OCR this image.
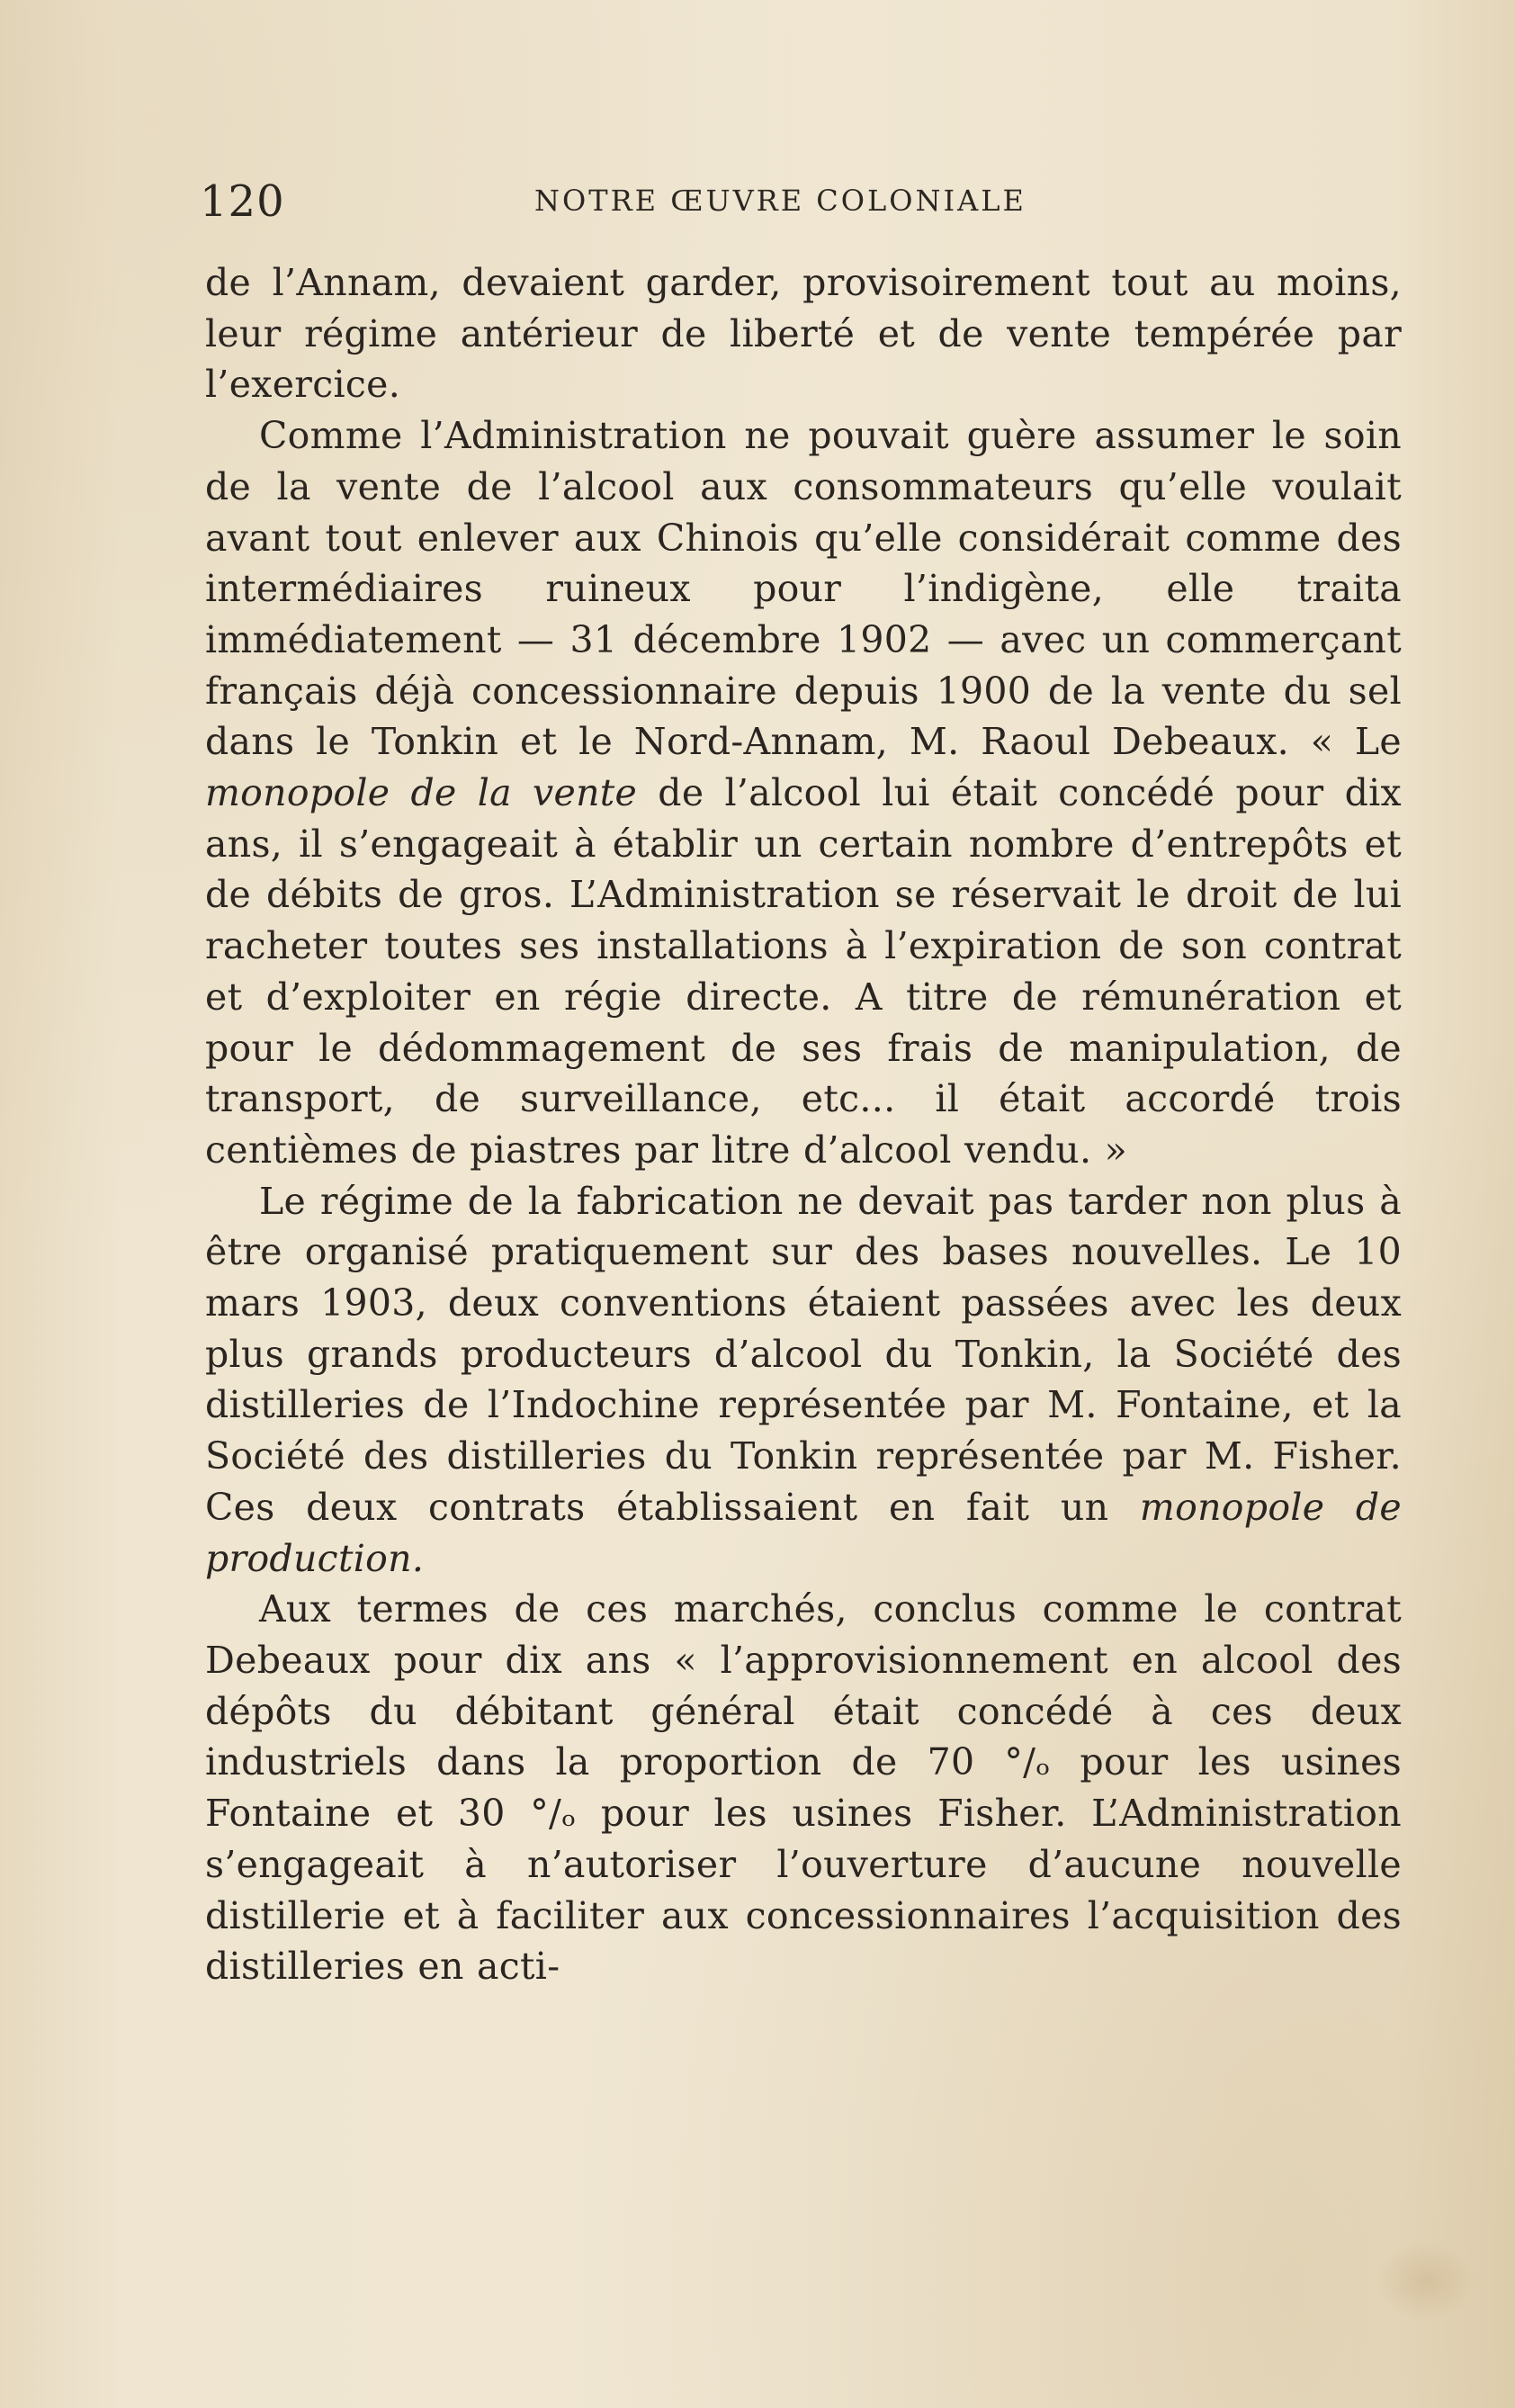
120	NOTRE ŒUVRE COLONIALE

de l’Annam, devaient garder, provisoirement tout au moins, leur régime antérieur de liberté et de vente tempérée par l’exercice.

Comme l’Administration ne pouvait guère assumer le soin de la vente de l’alcool aux consommateurs qu’elle voulait avant tout enlever aux Chinois qu’elle considérait comme des intermédiaires ruineux pour l’indigène, elle traita immédiatement — 31 décembre 1902 — avec un commerçant français déjà concessionnaire depuis 1900 de la vente du sel dans le Tonkin et le Nord-Annam, M. Raoul Debeaux. « Le monopole de la vente de l’alcool lui était concédé pour dix ans, il s’engageait à établir un certain nombre d’entrepôts et de débits de gros. L’Administration se réservait le droit de lui racheter toutes ses installations à l’expiration de son contrat et d’exploiter en régie directe. A titre de rémunération et pour le dédommagement de ses frais de manipulation, de transport, de surveillance, etc... il était accordé trois centièmes de piastres par litre d’alcool vendu. »

Le régime de la fabrication ne devait pas tarder non plus à être organisé pratiquement sur des bases nouvelles. Le 10 mars 1903, deux conventions étaient passées avec les deux plus grands producteurs d’alcool du Tonkin, la Société des distilleries de l’Indochine représentée par M. Fontaine, et la Société des distilleries du Tonkin représentée par M. Fisher. Ces deux contrats établissaient en fait un monopole de production.

Aux termes de ces marchés, conclus comme le contrat Debeaux pour dix ans « l’approvisionnement en alcool des dépôts du débitant général était concédé à ces deux industriels dans la proportion de 70 °/ₒ pour les usines Fontaine et 30 °/ₒ pour les usines Fisher. L’Administration s’engageait à n’autoriser l’ouverture d’aucune nouvelle distillerie et à faciliter aux concessionnaires l’acquisition des distilleries en acti-
